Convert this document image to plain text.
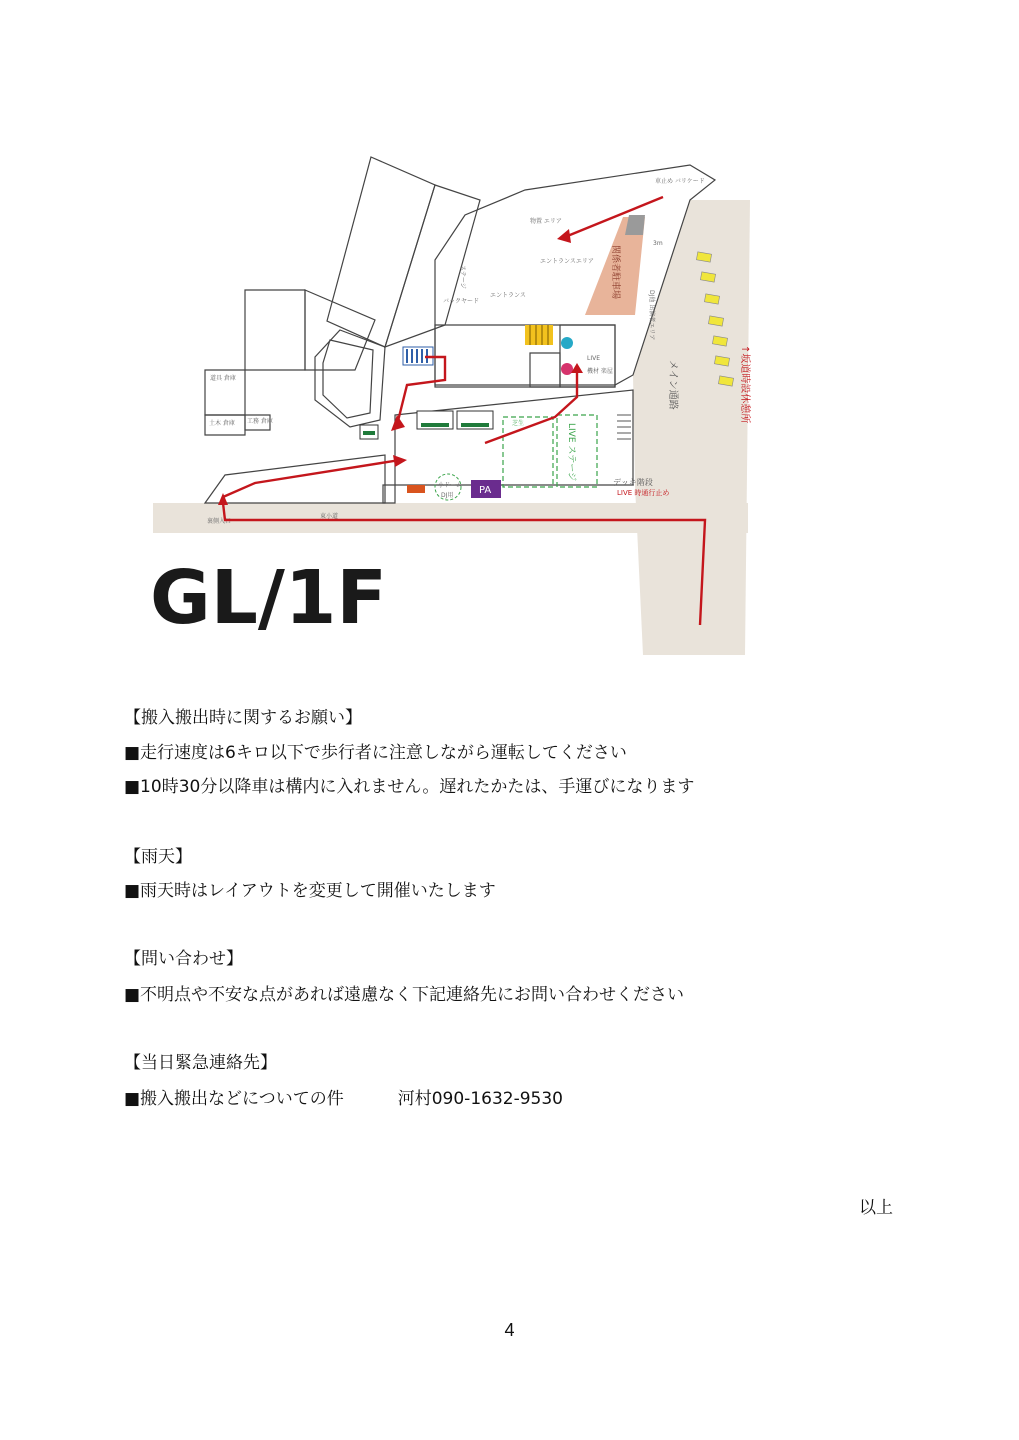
車止め バリケード
物置 エリア
エントランスエリア
エントランス
バックヤード
道具 倉庫
土木 倉庫 工務 倉庫
3m
DJ他 出演者エリア
LIVE
機材 楽屋
芝生
小ドーム
DJ用
裏側入口
東小道
ステージ	関係者駐車場
LIVE ステージ
PA
メイン通路	↑坂道時設休憩所
デッキ階段
LIVE 時通行止め
GL/1F
【搬入搬出時に関するお願い】
■走行速度は6キロ以下で歩行者に注意しながら運転してください
■10時30分以降車は構内に入れません。遅れたかたは、手運びになります
【雨天】
■雨天時はレイアウトを変更して開催いたします
【問い合わせ】
■不明点や不安な点があれば遠慮なく下記連絡先にお問い合わせください
【当日緊急連絡先】
■搬入搬出などについての件	河村090-1632-9530
以上
4
